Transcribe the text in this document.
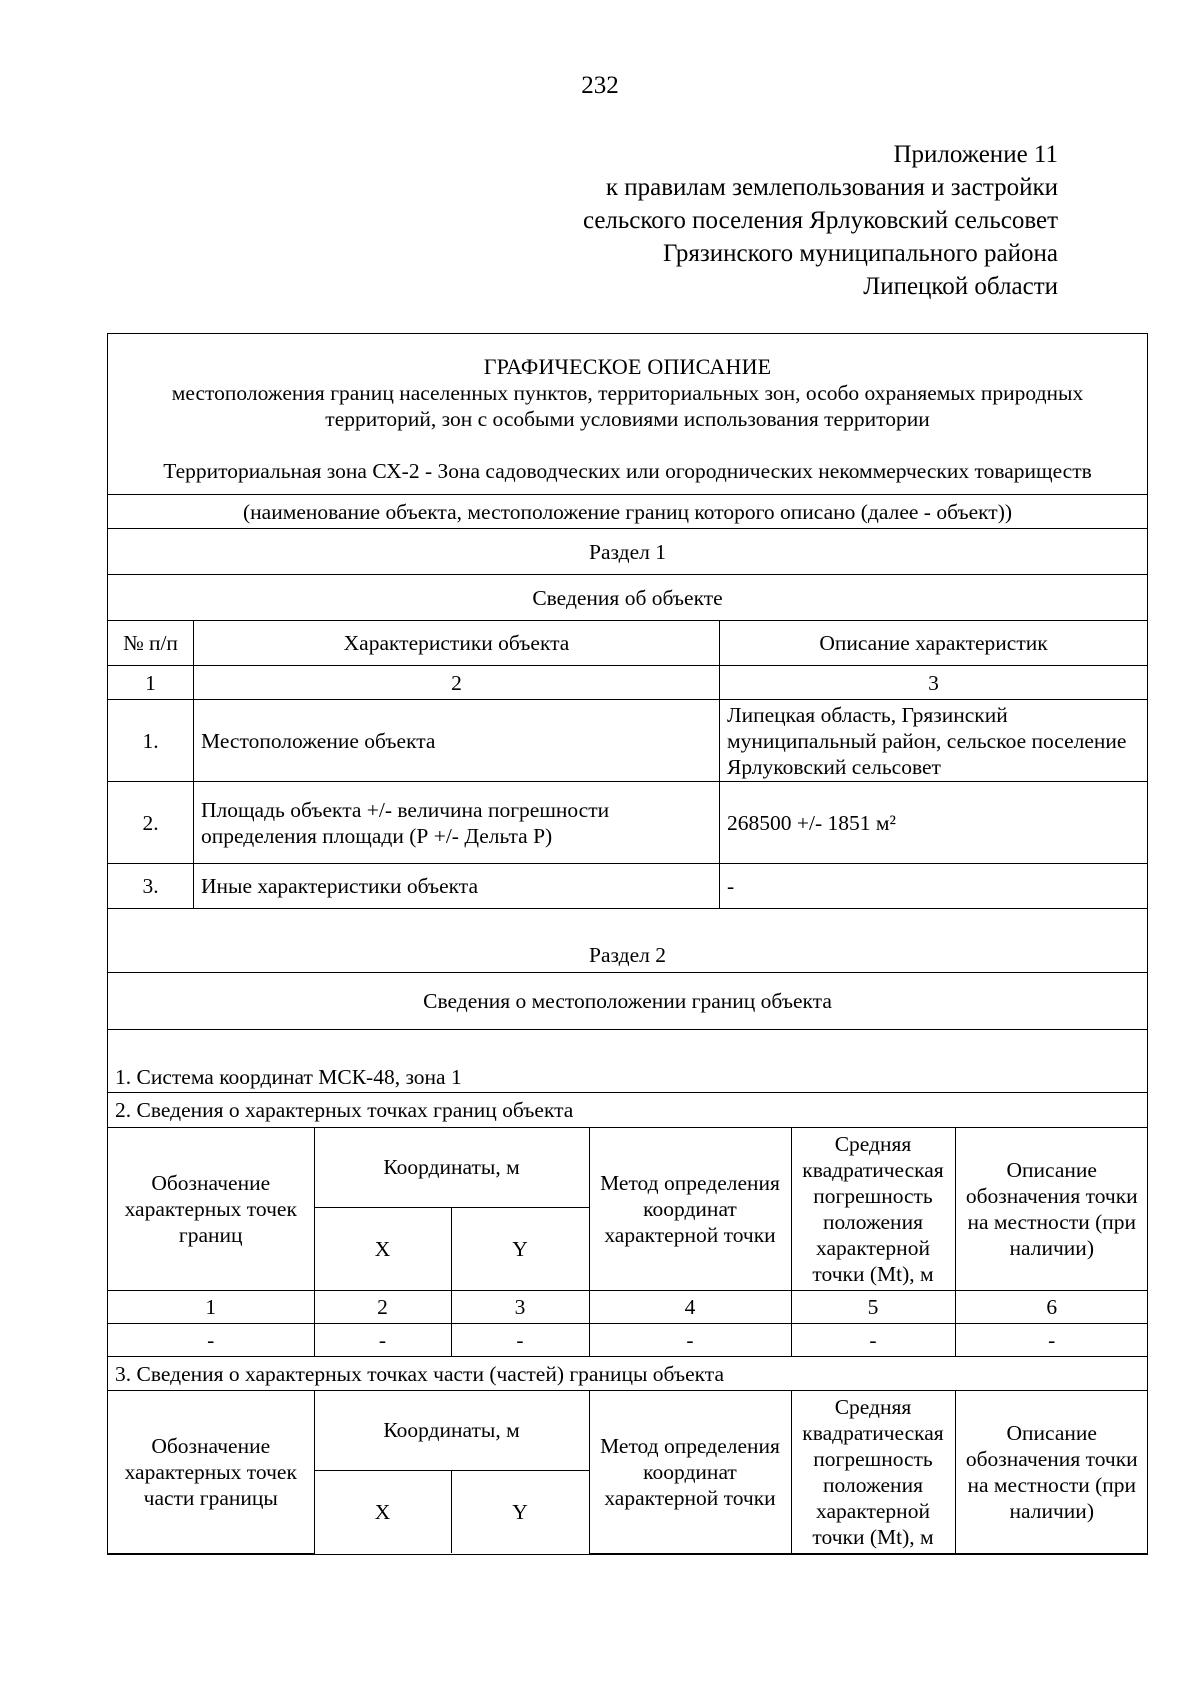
232
Приложение 11
к правилам землепользования и застройки
сельского поселения Ярлуковский сельсовет
Грязинского муниципального района
Липецкой области
ГРАФИЧЕСКОЕ ОПИСАНИЕ
местоположения границ населенных пунктов, территориальных зон, особо охраняемых природных территорий, зон с особыми условиями использования территории
Территориальная зона СХ-2 - Зона садоводческих или огороднических некоммерческих товариществ

(наименование объекта, местоположение границ которого описано (далее - объект))
Раздел 1
Сведения об объекте
№ п/п	Характеристики объекта	Описание характеристик
1	2	3
1.	Местоположение объекта	Липецкая область, Грязинский муниципальный район, сельское поселение Ярлуковский сельсовет
2.	Площадь объекта +/- величина погрешности определения площади (Р +/- Дельта Р)	268500 +/- 1851 м²
3.	Иные характеристики объекта	-
Раздел 2
Сведения о местоположении границ объекта
1. Система координат МСК-48, зона 1
2. Сведения о характерных точках границ объекта

Обозначение характерных точек границ	Координаты, м	Метод определения координат характерной точки	Средняя квадратическая погрешность положения характерной точки (Mt), м	Описание обозначения точки на местности (при наличии)
X	Y
1	2	3	4	5	6
-	-	-	-	-	-

3. Сведения о характерных точках части (частей) границы объекта

Обозначение характерных точек части границы	Координаты, м	Метод определения координат характерной точки	Средняя квадратическая погрешность положения характерной точки (Mt), м	Описание обозначения точки на местности (при наличии)
X	Y
